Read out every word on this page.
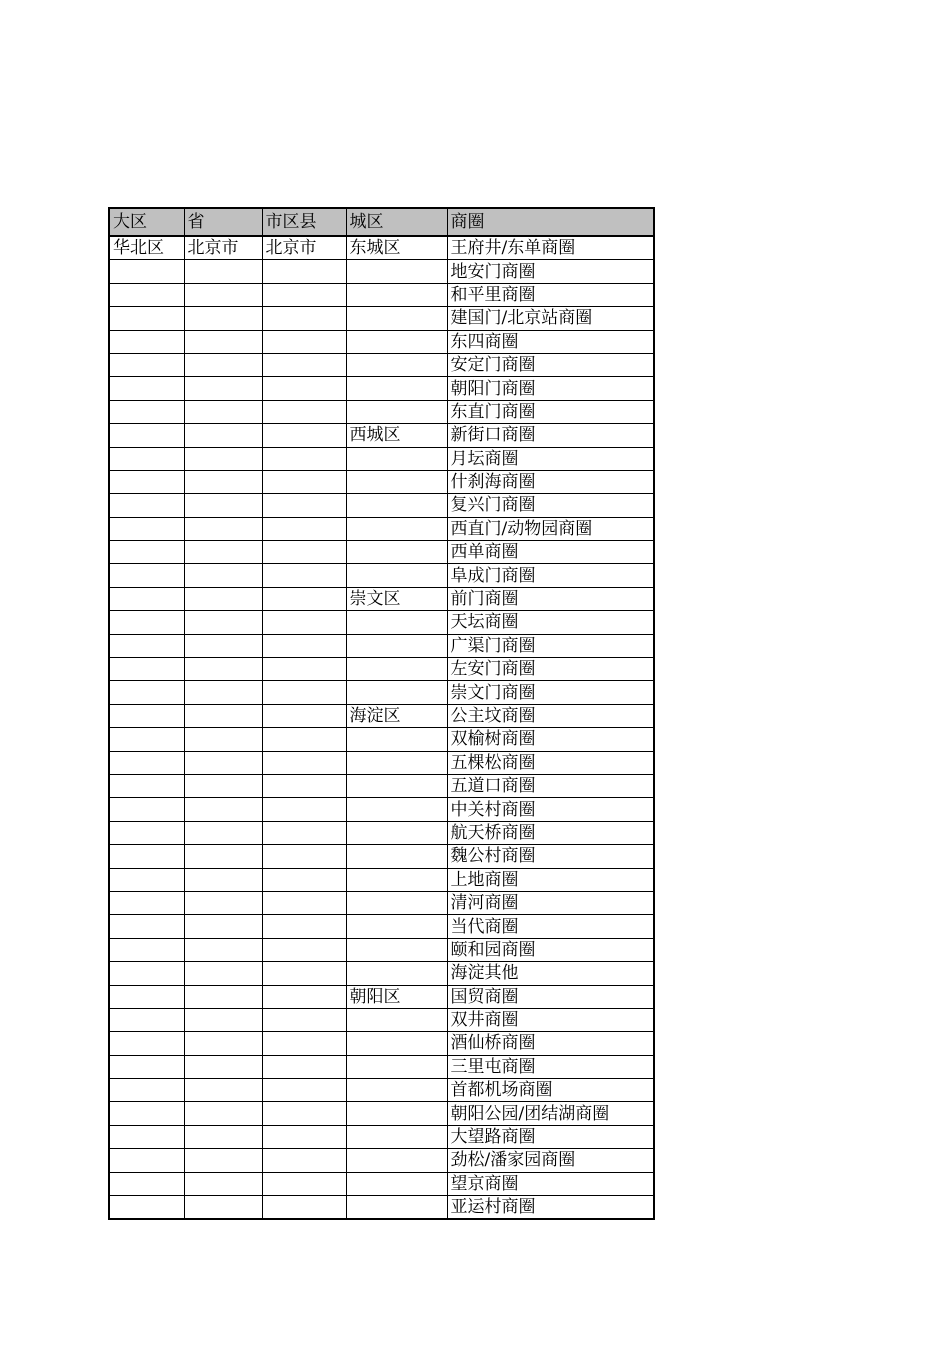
大区	省	市区县	城区	商圈
华北区	北京市	北京市	东城区	王府井/东单商圈
				地安门商圈
				和平里商圈
				建国门/北京站商圈
				东四商圈
				安定门商圈
				朝阳门商圈
				东直门商圈
			西城区	新街口商圈
				月坛商圈
				什刹海商圈
				复兴门商圈
				西直门/动物园商圈
				西单商圈
				阜成门商圈
			崇文区	前门商圈
				天坛商圈
				广渠门商圈
				左安门商圈
				崇文门商圈
			海淀区	公主坟商圈
				双榆树商圈
				五棵松商圈
				五道口商圈
				中关村商圈
				航天桥商圈
				魏公村商圈
				上地商圈
				清河商圈
				当代商圈
				颐和园商圈
				海淀其他
			朝阳区	国贸商圈
				双井商圈
				酒仙桥商圈
				三里屯商圈
				首都机场商圈
				朝阳公园/团结湖商圈
				大望路商圈
				劲松/潘家园商圈
				望京商圈
				亚运村商圈
